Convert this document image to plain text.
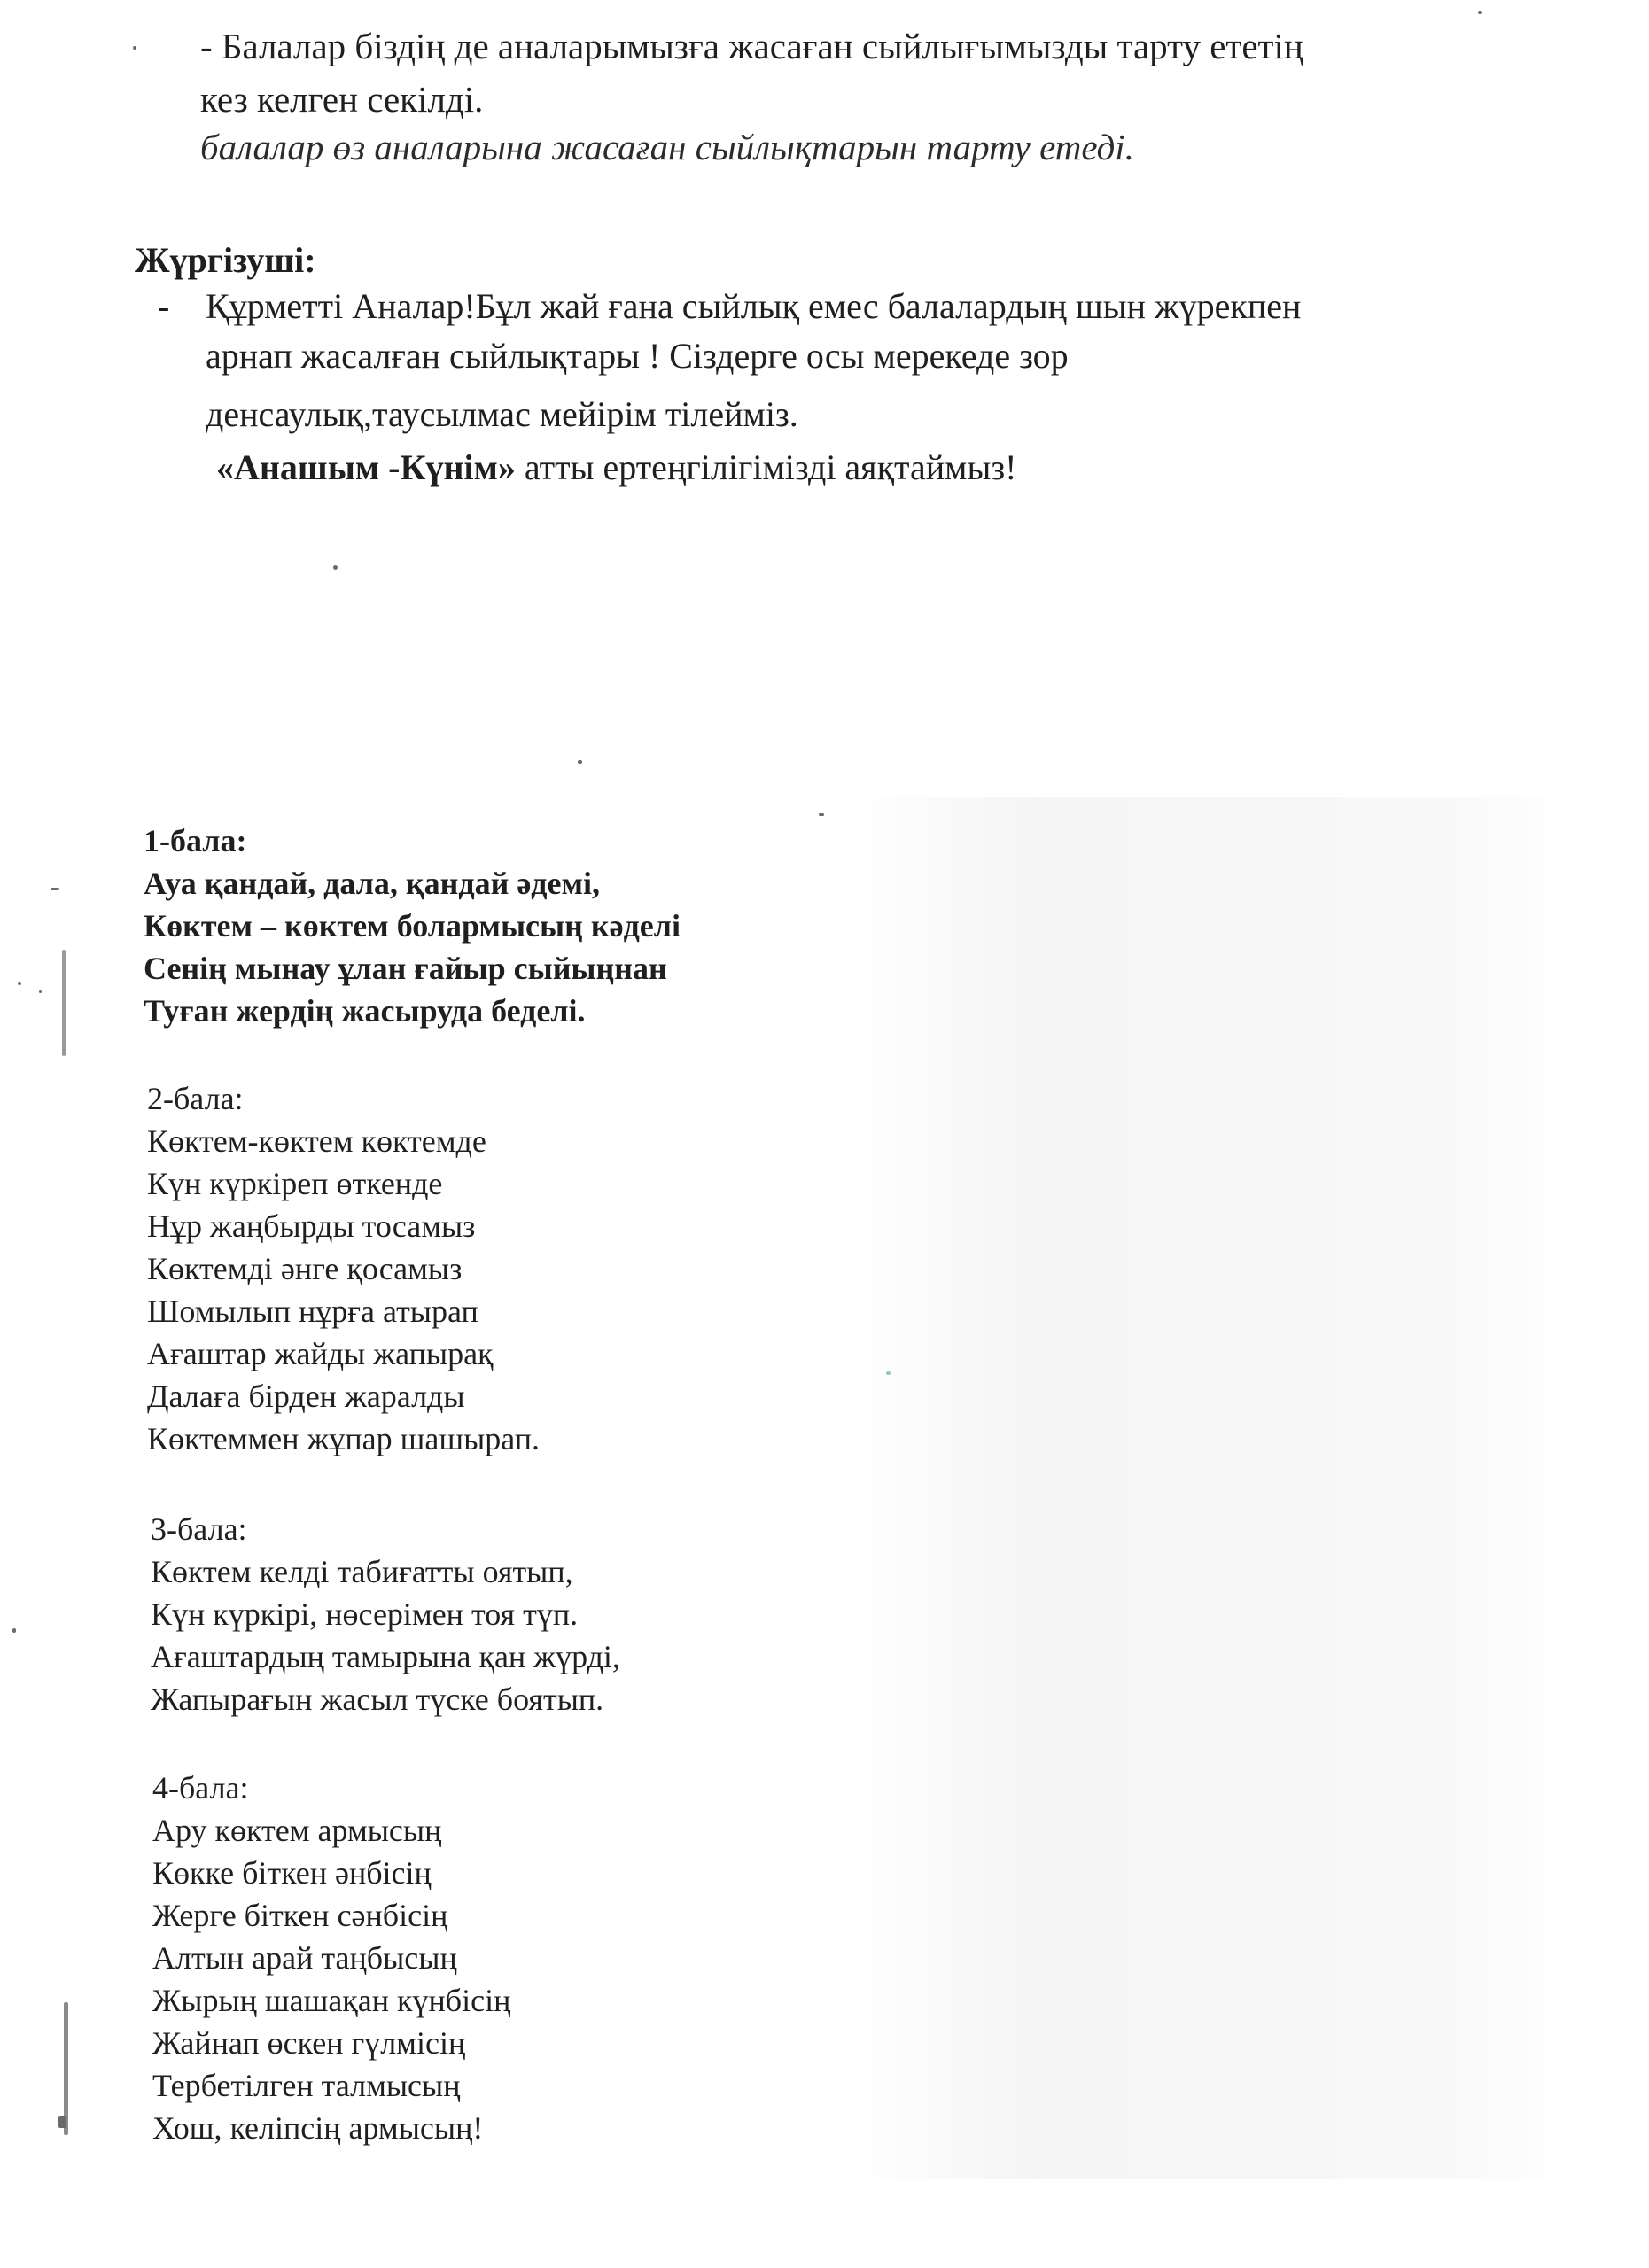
- Балалар біздің де аналарымызға жасаған сыйлығымызды тарту ететің
кез келген секілді.
балалар өз аналарына жасаған сыйлықтарын тарту етеді.
Жүргізуші:
- Құрметті Аналар!Бұл жай ғана сыйлық емес балалардың шын жүрекпен
арнап жасалған сыйлықтары ! Сіздерге осы мерекеде зор
денсаулық,таусылмас мейірім тілейміз.
«Анашым -Күнім» атты ертеңгілігімізді аяқтаймыз!
1-бала:
Ауа қандай, дала, қандай әдемі,
Көктем – көктем болармысың кәделі
Сенің мынау ұлан ғайыр сыйыңнан
Туған жердің жасыруда беделі.
2-бала:
Көктем-көктем көктемде
Күн күркіреп өткенде
Нұр жаңбырды тосамыз
Көктемді әнге қосамыз
Шомылып нұрға атырап
Ағаштар жайды жапырақ
Далаға бірден жаралды
Көктеммен жұпар шашырап.
3-бала:
Көктем келді табиғатты оятып,
Күн күркірі, нөсерімен тоя түп.
Ағаштардың тамырына қан жүрді,
Жапырағын жасыл түске боятып.
4-бала:
Ару көктем армысың
Көкке біткен әнбісің
Жерге біткен сәнбісің
Алтын арай таңбысың
Жырың шашақан күнбісің
Жайнап өскен гүлмісің
Тербетілген талмысың
Хош, келіпсің армысың!
